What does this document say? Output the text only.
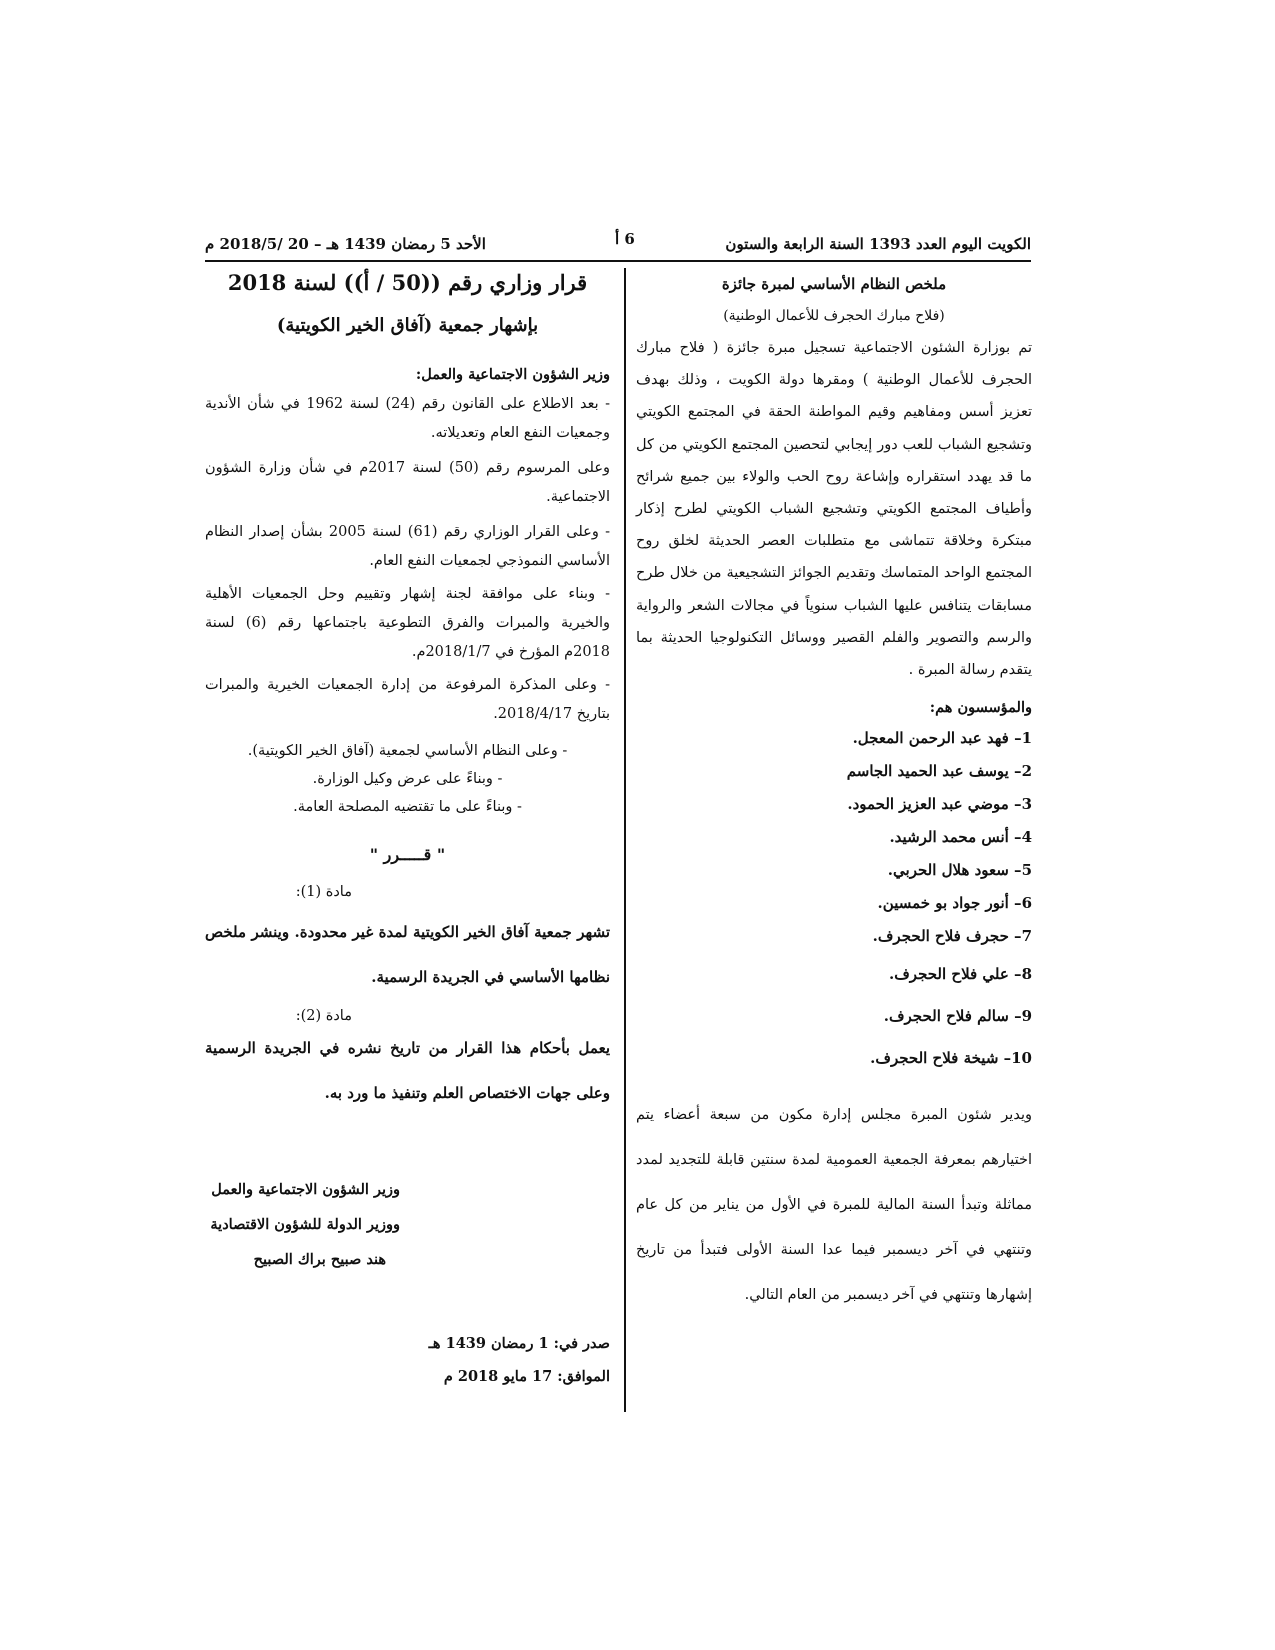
الكويت اليوم العدد 1393 السنة الرابعة والستون
6 أ
الأحد 5 رمضان 1439 هـ – 20 /2018/5 م

ملخص النظام الأساسي لمبرة جائزة

(فلاح مبارك الحجرف للأعمال الوطنية)

تم بوزارة الشئون الاجتماعية تسجيل مبرة جائزة ( فلاح مبارك الحجرف للأعمال الوطنية ) ومقرها دولة الكويت ، وذلك بهدف تعزيز أسس ومفاهيم وقيم المواطنة الحقة في المجتمع الكويتي وتشجيع الشباب للعب دور إيجابي لتحصين المجتمع الكويتي من كل ما قد يهدد استقراره وإشاعة روح الحب والولاء بين جميع شرائح وأطياف المجتمع الكويتي وتشجيع الشباب الكويتي لطرح إذكار مبتكرة وخلاقة تتماشى مع متطلبات العصر الحديثة لخلق روح المجتمع الواحد المتماسك وتقديم الجوائز التشجيعية من خلال طرح مسابقات يتنافس عليها الشباب سنوياً في مجالات الشعر والرواية والرسم والتصوير والفلم القصير ووسائل التكنولوجيا الحديثة بما يتقدم رسالة المبرة .

والمؤسسون هم:

1– فهد عبد الرحمن المعجل.
2– يوسف عبد الحميد الجاسم
3– موضي عبد العزيز الحمود.
4– أنس محمد الرشيد.
5– سعود هلال الحربي.
6– أنور جواد بو خمسين.
7– حجرف فلاح الحجرف.
8– علي فلاح الحجرف.
9– سالم فلاح الحجرف.
10– شيخة فلاح الحجرف.

ويدير شئون المبرة مجلس إدارة مكون من سبعة أعضاء يتم اختيارهم بمعرفة الجمعية العمومية لمدة سنتين قابلة للتجديد لمدد مماثلة وتبدأ السنة المالية للمبرة في الأول من يناير من كل عام وتنتهي في آخر ديسمبر فيما عدا السنة الأولى فتبدأ من تاريخ إشهارها وتنتهي في آخر ديسمبر من العام التالي.

قرار وزاري رقم ((50 / أ)) لسنة 2018

بإشهار جمعية (آفاق الخير الكويتية)

وزير الشؤون الاجتماعية والعمل:

- بعد الاطلاع على القانون رقم (24) لسنة 1962 في شأن الأندية وجمعيات النفع العام وتعديلاته.

وعلى المرسوم رقم (50) لسنة 2017م في شأن وزارة الشؤون الاجتماعية.

- وعلى القرار الوزاري رقم (61) لسنة 2005 بشأن إصدار النظام الأساسي النموذجي لجمعيات النفع العام.

- وبناء على موافقة لجنة إشهار وتقييم وحل الجمعيات الأهلية والخيرية والمبرات والفرق التطوعية باجتماعها رقم (6) لسنة 2018م المؤرخ في 2018/1/7م.

- وعلى المذكرة المرفوعة من إدارة الجمعيات الخيرية والمبرات بتاريخ 2018/4/17.

- وعلى النظام الأساسي لجمعية (آفاق الخير الكويتية).

- وبناءً على عرض وكيل الوزارة.

- وبناءً على ما تقتضيه المصلحة العامة.

" قـــــرر "

مادة (1):

تشهر جمعية آفاق الخير الكويتية لمدة غير محدودة. وينشر ملخص نظامها الأساسي في الجريدة الرسمية.

مادة (2):

يعمل بأحكام هذا القرار من تاريخ نشره في الجريدة الرسمية وعلى جهات الاختصاص العلم وتنفيذ ما ورد به.

وزير الشؤون الاجتماعية والعمل

ووزير الدولة للشؤون الاقتصادية

هند صبيح براك الصبيح

صدر في: 1 رمضان 1439 هـ

الموافق: 17 مايو 2018 م
